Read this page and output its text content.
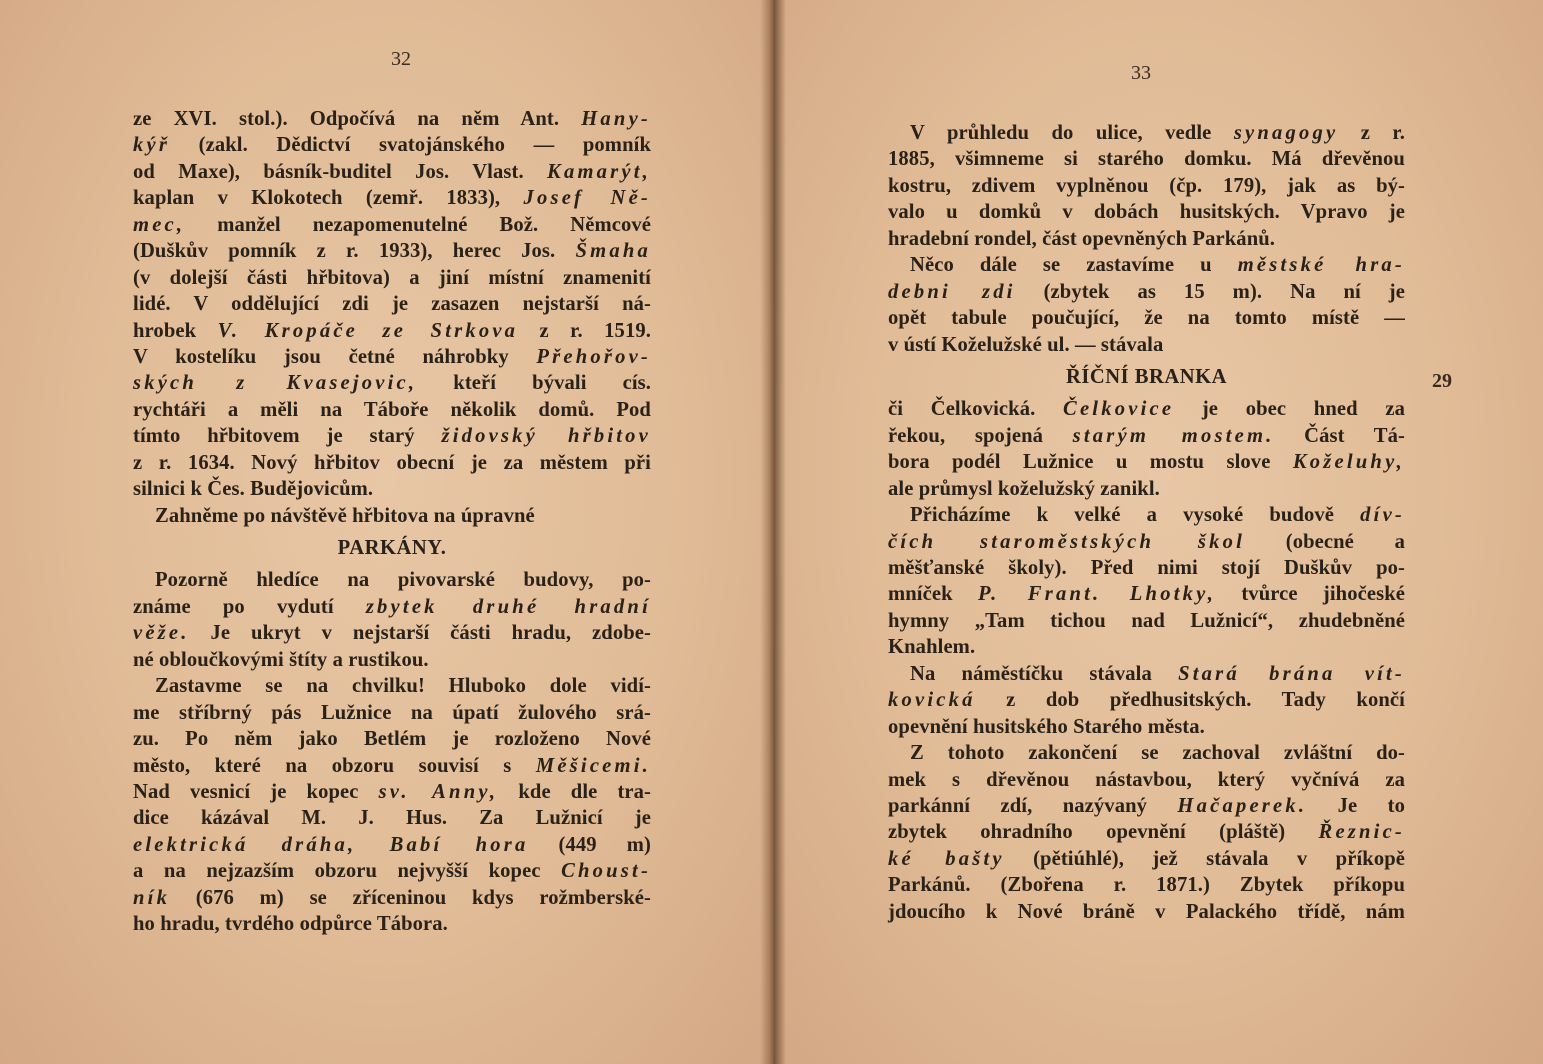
32
ze XVI. stol.). Odpočívá na něm Ant. Hany-
kýř (zakl. Dědictví svatojánského — pomník
od Maxe), básník-buditel Jos. Vlast. Kamarýt,
kaplan v Klokotech (zemř. 1833), Josef Ně-
mec, manžel nezapomenutelné Bož. Němcové
(Duškův pomník z r. 1933), herec Jos. Šmaha
(v dolejší části hřbitova) a jiní místní znamenití
lidé. V oddělující zdi je zasazen nejstarší ná-
hrobek V. Kropáče ze Strkova z r. 1519.
V kostelíku jsou četné náhrobky Přehořov-
ských z Kvasejovic, kteří bývali cís.
rychtáři a měli na Táboře několik domů. Pod
tímto hřbitovem je starý židovský hřbitov
z r. 1634. Nový hřbitov obecní je za městem při
silnici k Čes. Budějovicům.
Zahněme po návštěvě hřbitova na úpravné
PARKÁNY.
Pozorně hledíce na pivovarské budovy, po-
známe po vydutí zbytek druhé hradní
věže. Je ukryt v nejstarší části hradu, zdobe-
né obloučkovými štíty a rustikou.
Zastavme se na chvilku! Hluboko dole vidí-
me stříbrný pás Lužnice na úpatí žulového srá-
zu. Po něm jako Betlém je rozloženo Nové
město, které na obzoru souvisí s Měšicemi.
Nad vesnicí je kopec sv. Anny, kde dle tra-
dice kázával M. J. Hus. Za Lužnicí je
elektrická dráha, Babí hora (449 m)
a na nejzazším obzoru nejvyšší kopec Choust-
ník (676 m) se zříceninou kdys rožmberské-
ho hradu, tvrdého odpůrce Tábora.
33
V průhledu do ulice, vedle synagogy z r.
1885, všimneme si starého domku. Má dřevěnou
kostru, zdivem vyplněnou (čp. 179), jak as bý-
valo u domků v dobách husitských. Vpravo je
hradební rondel, část opevněných Parkánů.
Něco dále se zastavíme u městské hra-
debni zdi (zbytek as 15 m). Na ní je
opět tabule poučující, že na tomto místě —
v ústí Koželužské ul. — stávala
ŘÍČNÍ BRANKA
či Čelkovická. Čelkovice je obec hned za
řekou, spojená starým mostem. Část Tá-
bora podél Lužnice u mostu slove Koželuhy,
ale průmysl koželužský zanikl.
Přicházíme k velké a vysoké budově dív-
čích staroměstských škol (obecné a
měšťanské školy). Před nimi stojí Duškův po-
mníček P. Frant. Lhotky, tvůrce jihočeské
hymny „Tam tichou nad Lužnicí“, zhudebněné
Knahlem.
Na náměstíčku stávala Stará brána vít-
kovická z dob předhusitských. Tady končí
opevnění husitského Starého města.
Z tohoto zakončení se zachoval zvláštní do-
mek s dřevěnou nástavbou, který vyčnívá za
parkánní zdí, nazývaný Hačaperek. Je to
zbytek ohradního opevnění (pláště) Řeznic-
ké bašty (pětiúhlé), jež stávala v příkopě
Parkánů. (Zbořena r. 1871.) Zbytek příkopu
jdoucího k Nové bráně v Palackého třídě, nám
29
